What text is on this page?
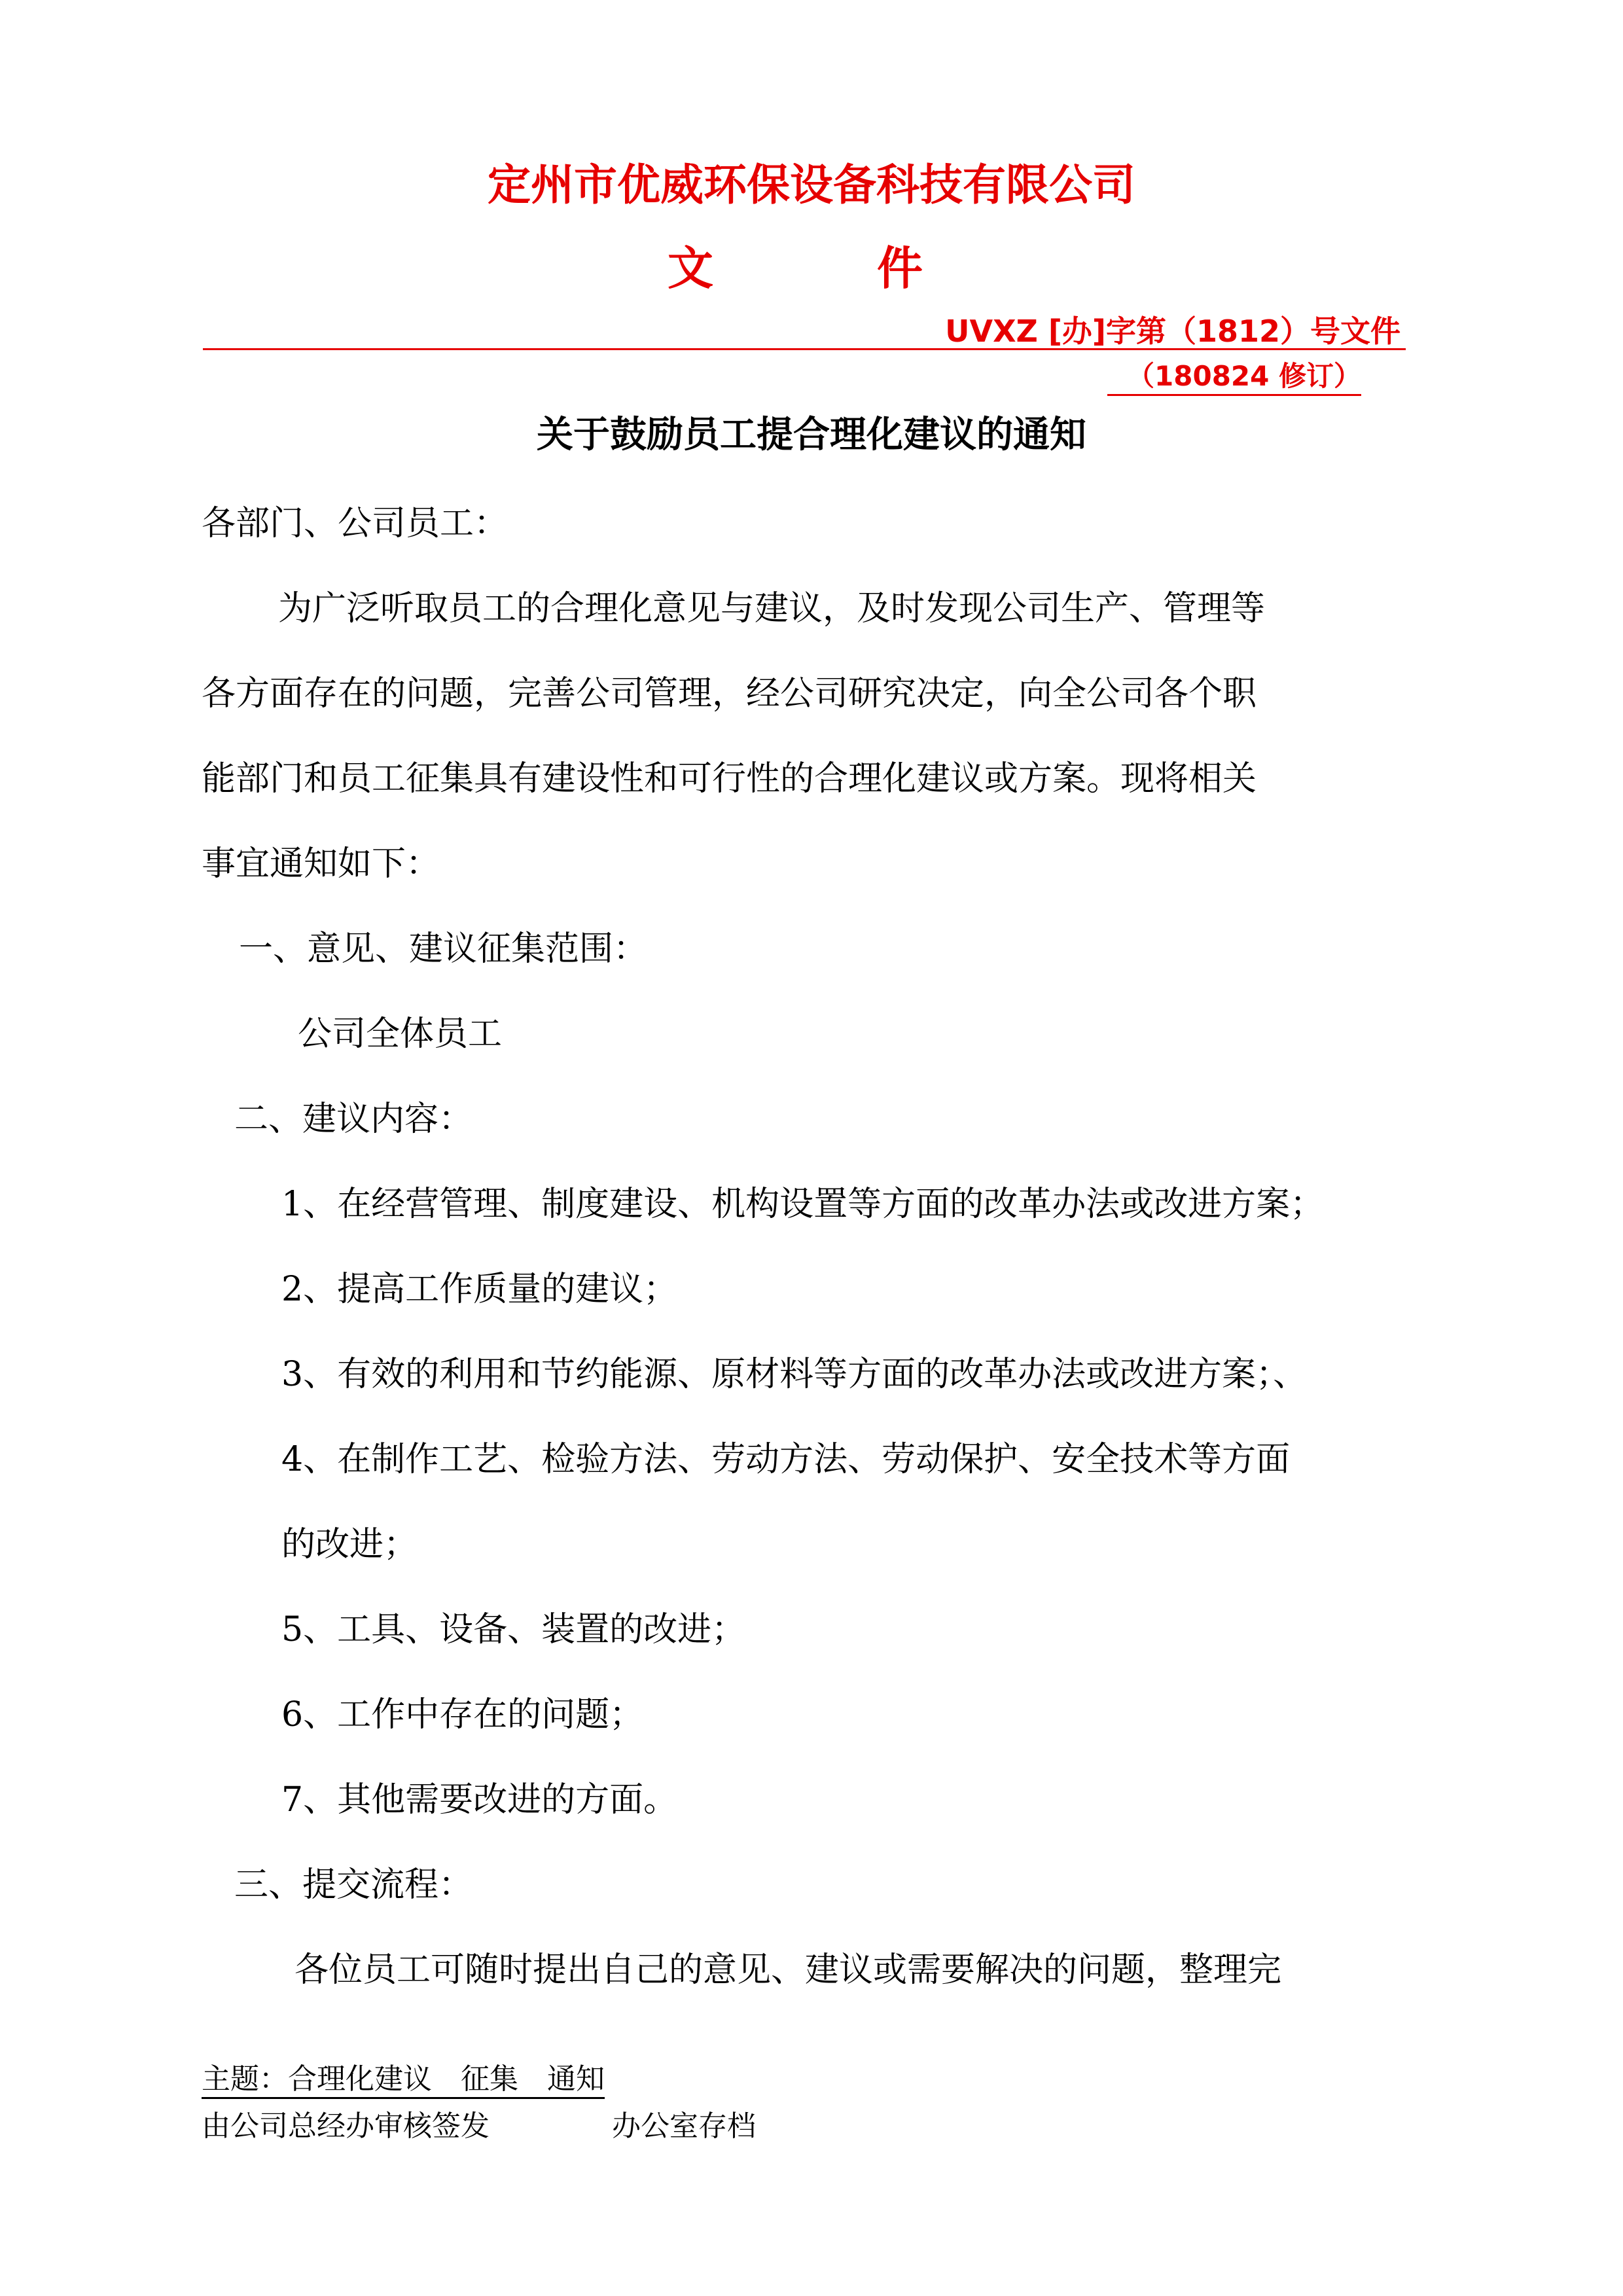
定州市优威环保设备科技有限公司
文	件
UVXZ [办]字第（1812）号文件
（180824 修订）
关于鼓励员工提合理化建议的通知
各部门、公司员工：
为广泛听取员工的合理化意见与建议，及时发现公司生产、管理等
各方面存在的问题，完善公司管理，经公司研究决定，向全公司各个职
能部门和员工征集具有建设性和可行性的合理化建议或方案。现将相关
事宜通知如下：
一、意见、建议征集范围：
公司全体员工
二、建议内容：
1、在经营管理、制度建设、机构设置等方面的改革办法或改进方案；
2、提高工作质量的建议；
3、有效的利用和节约能源、原材料等方面的改革办法或改进方案；、
4、在制作工艺、检验方法、劳动方法、劳动保护、安全技术等方面
的改进；
5、工具、设备、装置的改进；
6、工作中存在的问题；
7、其他需要改进的方面。
三、提交流程：
各位员工可随时提出自己的意见、建议或需要解决的问题，整理完
主题：合理化建议　征集　通知
由公司总经办审核签发	办公室存档
